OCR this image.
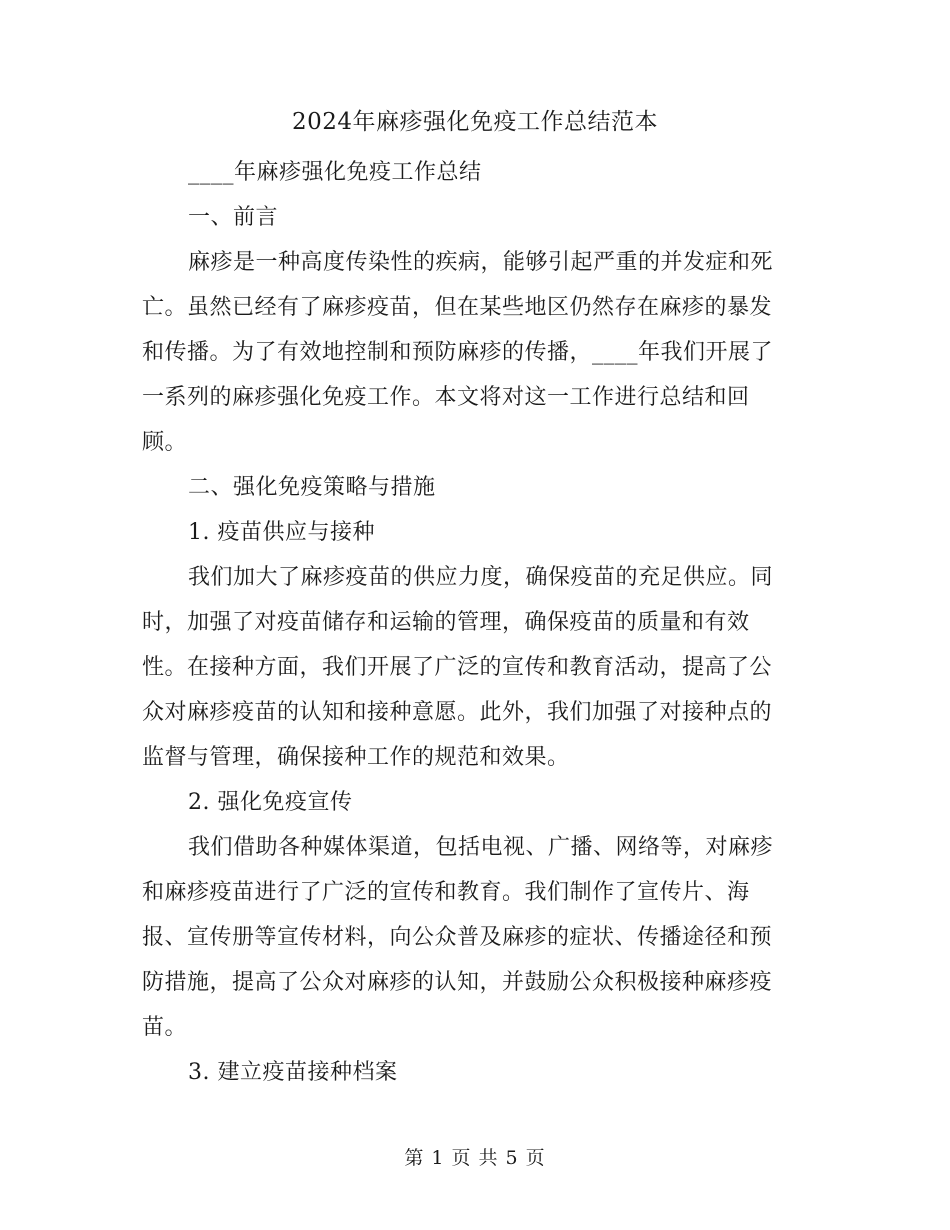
2024年麻疹强化免疫工作总结范本

____年麻疹强化免疫工作总结

一、前言

麻疹是一种高度传染性的疾病，能够引起严重的并发症和死

亡。虽然已经有了麻疹疫苗，但在某些地区仍然存在麻疹的暴发

和传播。为了有效地控制和预防麻疹的传播，____年我们开展了

一系列的麻疹强化免疫工作。本文将对这一工作进行总结和回

顾。

二、强化免疫策略与措施

1. 疫苗供应与接种

我们加大了麻疹疫苗的供应力度，确保疫苗的充足供应。同

时，加强了对疫苗储存和运输的管理，确保疫苗的质量和有效

性。在接种方面，我们开展了广泛的宣传和教育活动，提高了公

众对麻疹疫苗的认知和接种意愿。此外，我们加强了对接种点的

监督与管理，确保接种工作的规范和效果。

2. 强化免疫宣传

我们借助各种媒体渠道，包括电视、广播、网络等，对麻疹

和麻疹疫苗进行了广泛的宣传和教育。我们制作了宣传片、海

报、宣传册等宣传材料，向公众普及麻疹的症状、传播途径和预

防措施，提高了公众对麻疹的认知，并鼓励公众积极接种麻疹疫

苗。

3. 建立疫苗接种档案

第 1 页 共 5 页
